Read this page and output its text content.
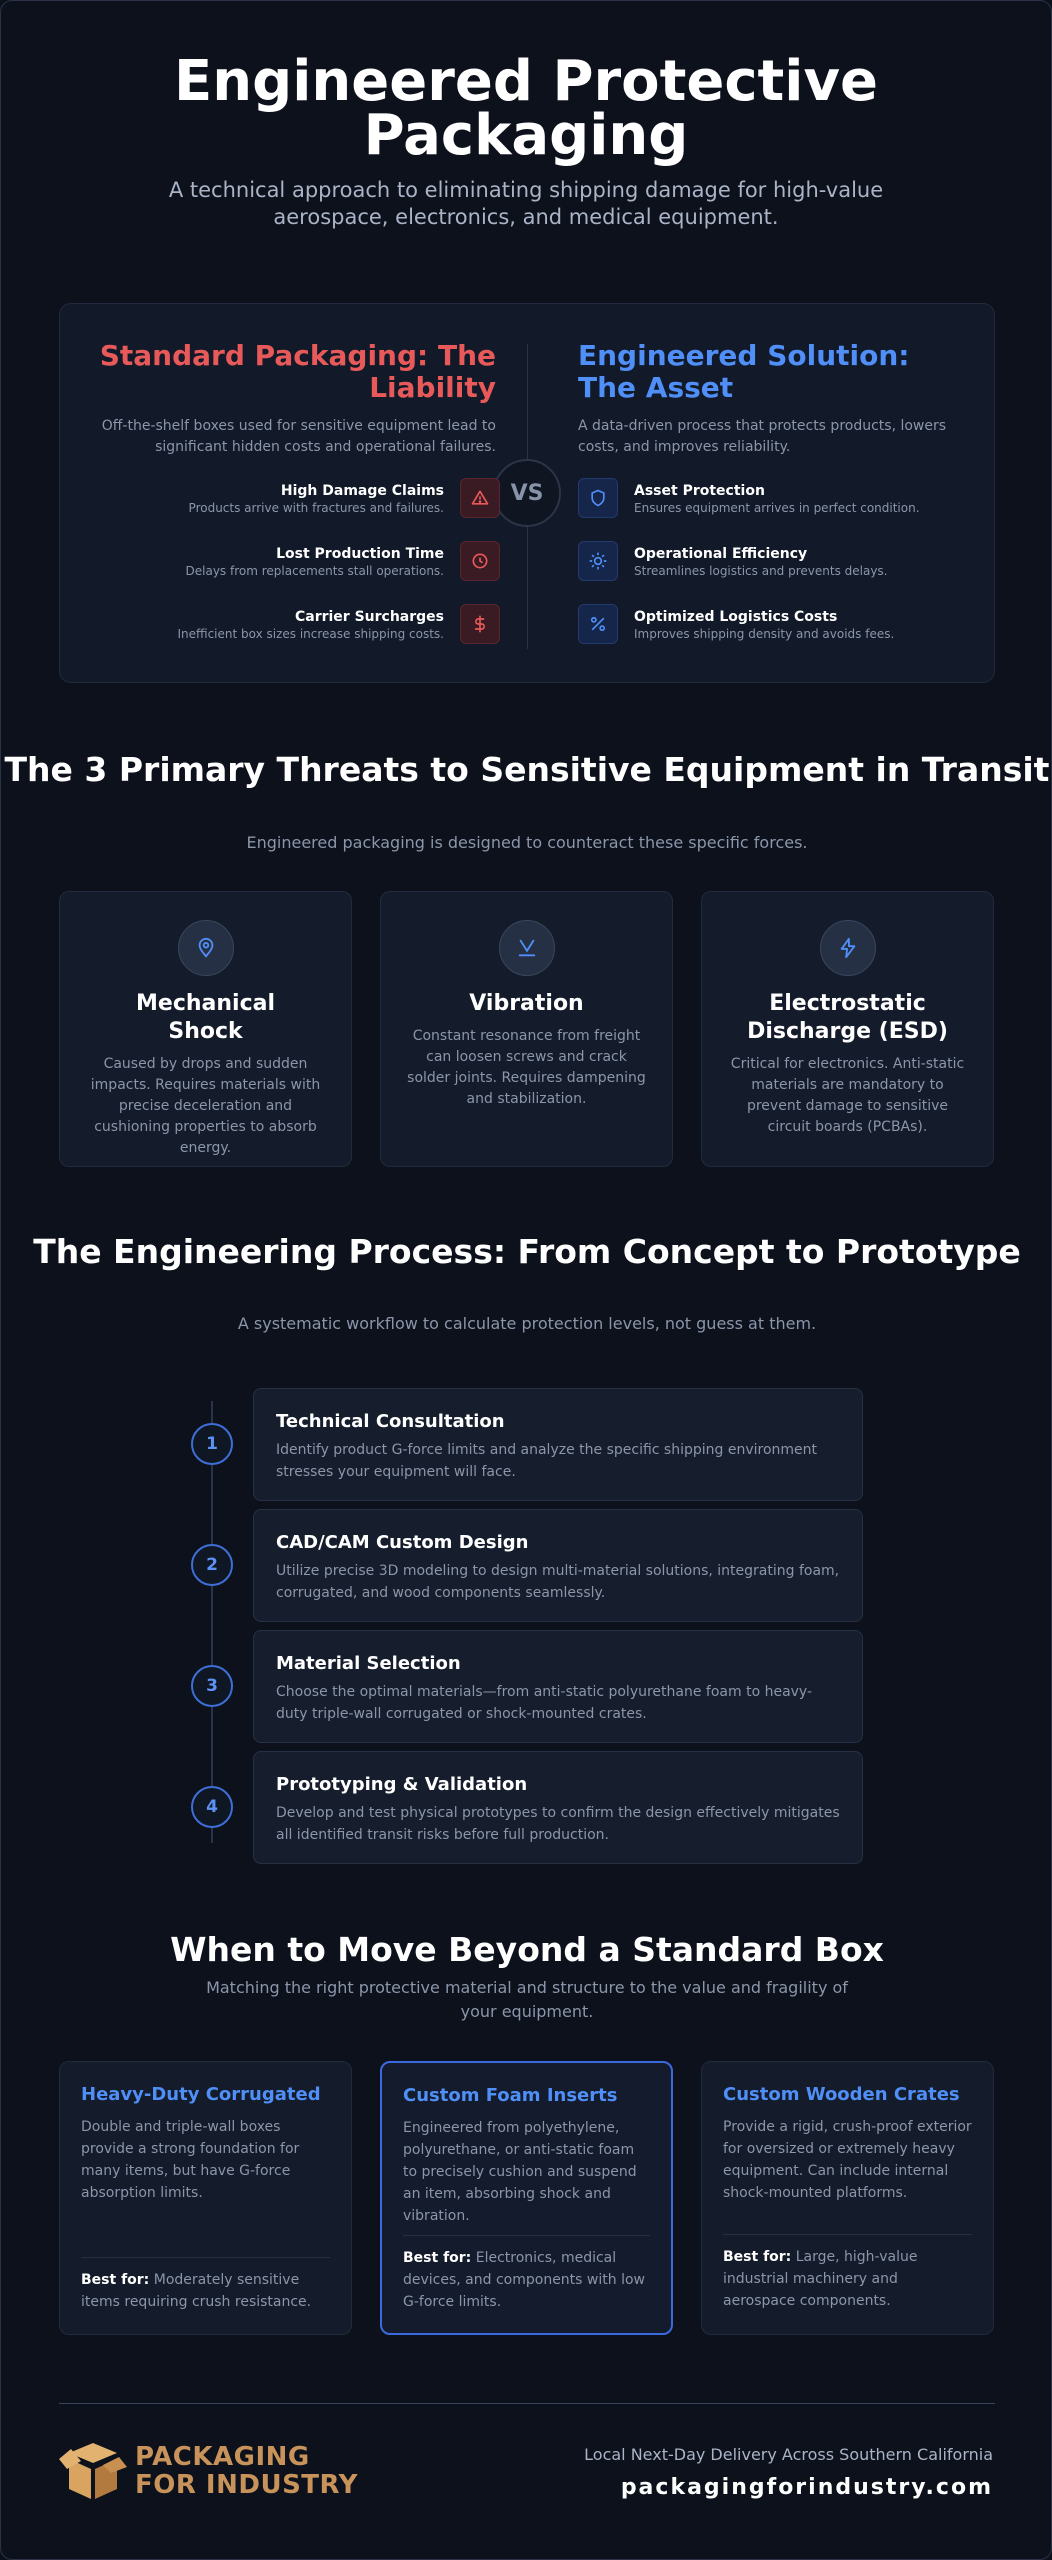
Engineered Protective Packaging

A technical approach to eliminating shipping damage for high-value aerospace, electronics, and medical equipment.

Standard Packaging: The Liability
Off-the-shelf boxes used for sensitive equipment lead to significant hidden costs and operational failures.
Engineered Solution: The Asset
A data-driven process that protects products, lowers costs, and improves reliability.
VS
High Damage Claims
Products arrive with fractures and failures.
Lost Production Time
Delays from replacements stall operations.
Carrier Surcharges
Inefficient box sizes increase shipping costs.
Asset Protection
Ensures equipment arrives in perfect condition.
Operational Efficiency
Streamlines logistics and prevents delays.
Optimized Logistics Costs
Improves shipping density and avoids fees.
The 3 Primary Threats to Sensitive Equipment in Transit
Engineered packaging is designed to counteract these specific forces.
Mechanical Shock
Caused by drops and sudden impacts. Requires materials with precise deceleration and cushioning properties to absorb energy.
Vibration
Constant resonance from freight can loosen screws and crack solder joints. Requires dampening and stabilization.
Electrostatic Discharge (ESD)
Critical for electronics. Anti-static materials are mandatory to prevent damage to sensitive circuit boards (PCBAs).
The Engineering Process: From Concept to Prototype
A systematic workflow to calculate protection levels, not guess at them.
1
Technical Consultation
Identify product G-force limits and analyze the specific shipping environment stresses your equipment will face.
2
CAD/CAM Custom Design
Utilize precise 3D modeling to design multi-material solutions, integrating foam, corrugated, and wood components seamlessly.
3
Material Selection
Choose the optimal materials—from anti-static polyurethane foam to heavy-duty triple-wall corrugated or shock-mounted crates.
4
Prototyping & Validation
Develop and test physical prototypes to confirm the design effectively mitigates all identified transit risks before full production.
When to Move Beyond a Standard Box
Matching the right protective material and structure to the value and fragility of your equipment.
Heavy-Duty Corrugated
Double and triple-wall boxes provide a strong foundation for many items, but have G-force absorption limits.
Best for: Moderately sensitive items requiring crush resistance.
Custom Foam Inserts
Engineered from polyethylene, polyurethane, or anti-static foam to precisely cushion and suspend an item, absorbing shock and vibration.
Best for: Electronics, medical devices, and components with low G-force limits.
Custom Wooden Crates
Provide a rigid, crush-proof exterior for oversized or extremely heavy equipment. Can include internal shock-mounted platforms.
Best for: Large, high-value industrial machinery and aerospace components.
PACKAGING
FOR INDUSTRY
Local Next-Day Delivery Across Southern California
packagingforindustry.com
